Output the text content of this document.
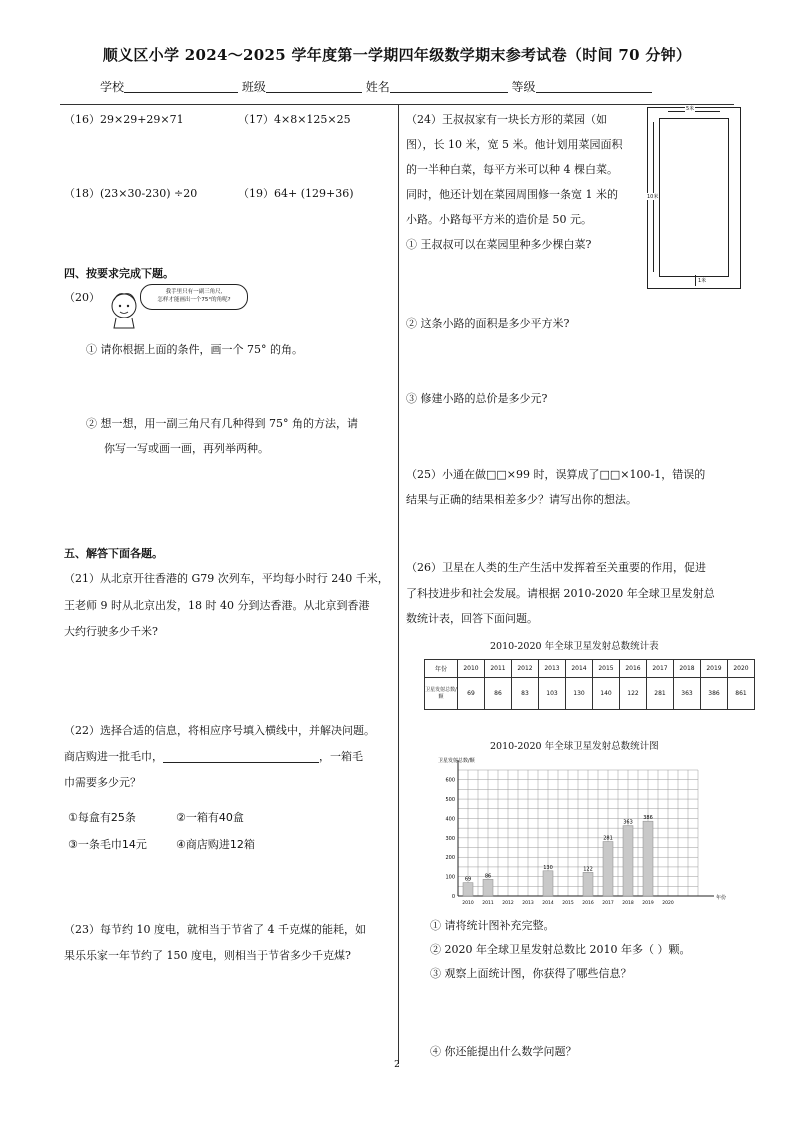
顺义区小学 2024～2025 学年度第一学期四年级数学期末参考试卷（时间 70 分钟）
学校	班级	姓名	等级
（16）29×29+29×71	（17）4×8×125×25
（18）(23×30-230) ÷20	（19）64+ (129+36)
四、按要求完成下题。
（20）	我手里只有一副三角尺,
怎样才能画出一个75°的角呢?
① 请你根据上面的条件，画一个 75° 的角。
② 想一想，用一副三角尺有几种得到 75° 角的方法，请
你写一写或画一画，再列举两种。
五、解答下面各题。
（21）从北京开往香港的 G79 次列车，平均每小时行 240 千米，
王老师 9 时从北京出发，18 时 40 分到达香港。从北京到香港
大约行驶多少千米?
（22）选择合适的信息，将相应序号填入横线中，并解决问题。
商店购进一批毛巾，	，一箱毛
巾需要多少元？
①每盒有25条	②一箱有40盒
③一条毛巾14元	④商店购进12箱
（23）每节约 10 度电，就相当于节省了 4 千克煤的能耗，如
果乐乐家一年节约了 150 度电，则相当于节省多少千克煤?
（24）王叔叔家有一块长方形的菜园（如
图），长 10 米，宽 5 米。他计划用菜园面积
的一半种白菜，每平方米可以种 4 棵白菜。
同时，他还计划在菜园周围修一条宽 1 米的
小路。小路每平方米的造价是 50 元。
① 王叔叔可以在菜园里种多少棵白菜?
5米
10米
1米
② 这条小路的面积是多少平方米?
③ 修建小路的总价是多少元?
（25）小通在做□□×99 时，误算成了□□×100-1，错误的
结果与正确的结果相差多少？请写出你的想法。
（26）卫星在人类的生产生活中发挥着至关重要的作用，促进
了科技进步和社会发展。请根据 2010-2020 年全球卫星发射总
数统计表，回答下面问题。
2010-2020 年全球卫星发射总数统计表
年份	2010	2011	2012	2013	2014	2015	2016	2017	2018	2019	2020
卫星发射总数/颗	69	86	83	103	130	140	122	281	363	386	861
2010-2020 年全球卫星发射总数统计图
0
100
200
300
400
500
600
卫星发射总数/颗
年份
2010
69
2011
86
2012 2013 2014
130
2015 2016
122
2017
281
2018
363
2019
386
2020
① 请将统计图补充完整。
② 2020 年全球卫星发射总数比 2010 年多（ ）颗。
③ 观察上面统计图，你获得了哪些信息？
④ 你还能提出什么数学问题？
2
